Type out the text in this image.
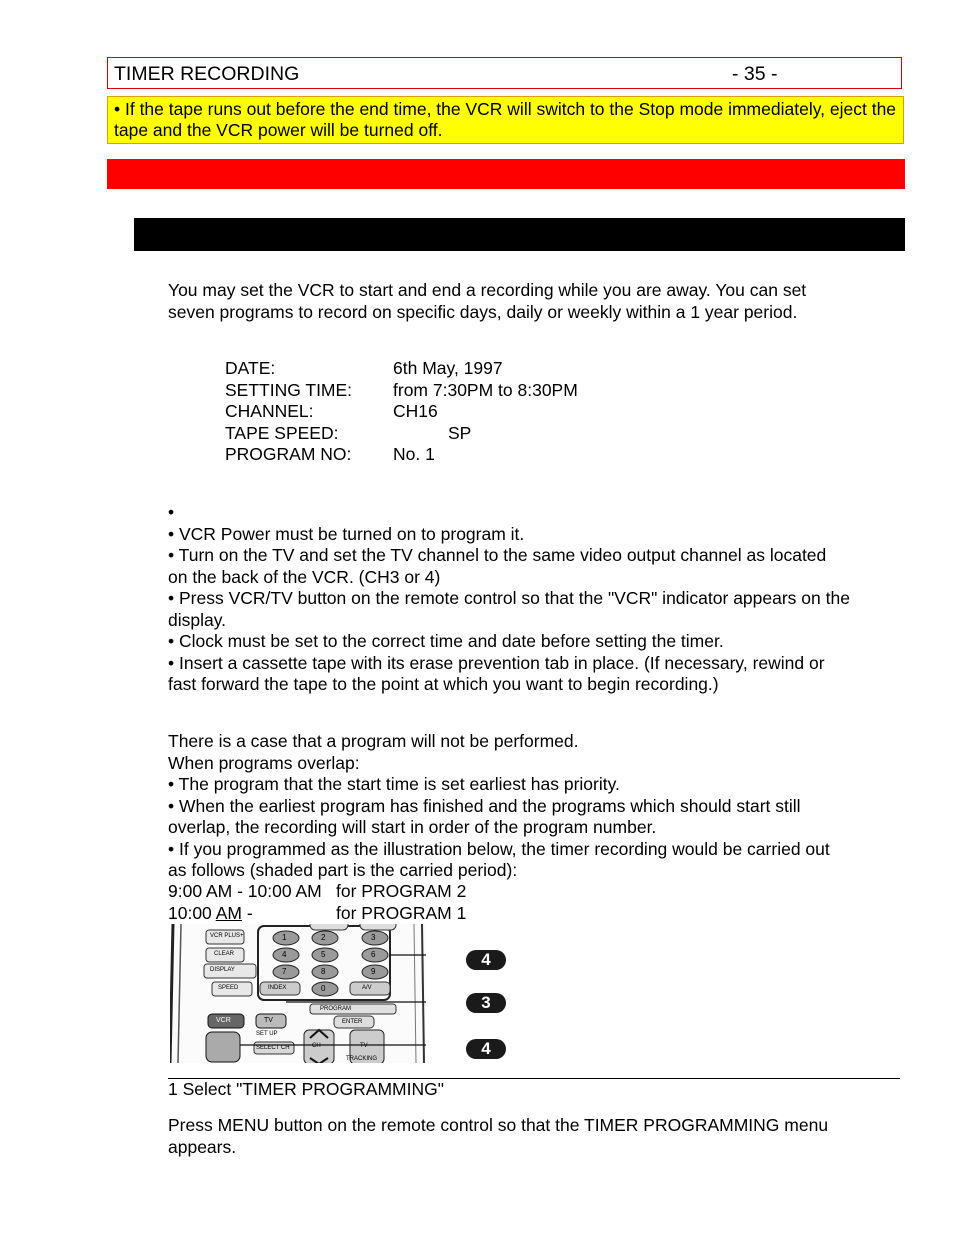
TIMER RECORDING	- 35 -
• If the tape runs out before the end time, the VCR will switch to the Stop mode immediately, eject the tape and the VCR power will be turned off.
You may set the VCR to start and end a recording while you are away. You can set
seven programs to record on specific days, daily or weekly within a 1 year period.
DATE:	6th May, 1997
SETTING TIME: from 7:30PM to 8:30PM
CHANNEL:	CH16
TAPE SPEED:	SP
PROGRAM NO: No. 1
•
• VCR Power must be turned on to program it.
• Turn on the TV and set the TV channel to the same video output channel as located
on the back of the VCR. (CH3 or 4)
• Press VCR/TV button on the remote control so that the "VCR" indicator appears on the
display.
• Clock must be set to the correct time and date before setting the timer.
• Insert a cassette tape with its erase prevention tab in place. (If necessary, rewind or
fast forward the tape to the point at which you want to begin recording.)
There is a case that a program will not be performed.
When programs overlap:
• The program that the start time is set earliest has priority.
• When the earliest program has finished and the programs which should start still
overlap, the recording will start in order of the program number.
• If you programmed as the illustration below, the timer recording would be carried out
as follows (shaded part is the carried period):
9:00 AM - 10:00 AM for PROGRAM 2
10:00 AM -	for PROGRAM 1
VCR PLUS+
CLEAR
DISPLAY
SPEED	INDEX	A/V
PROGRAM
ENTER
VCR	TV
SET UP
SELECT CH	CH	TV
TRACKING
1	2	3
4	5	6
7	8	9
0
4
3
4
1 Select "TIMER PROGRAMMING"
Press MENU button on the remote control so that the TIMER PROGRAMMING menu
appears.
